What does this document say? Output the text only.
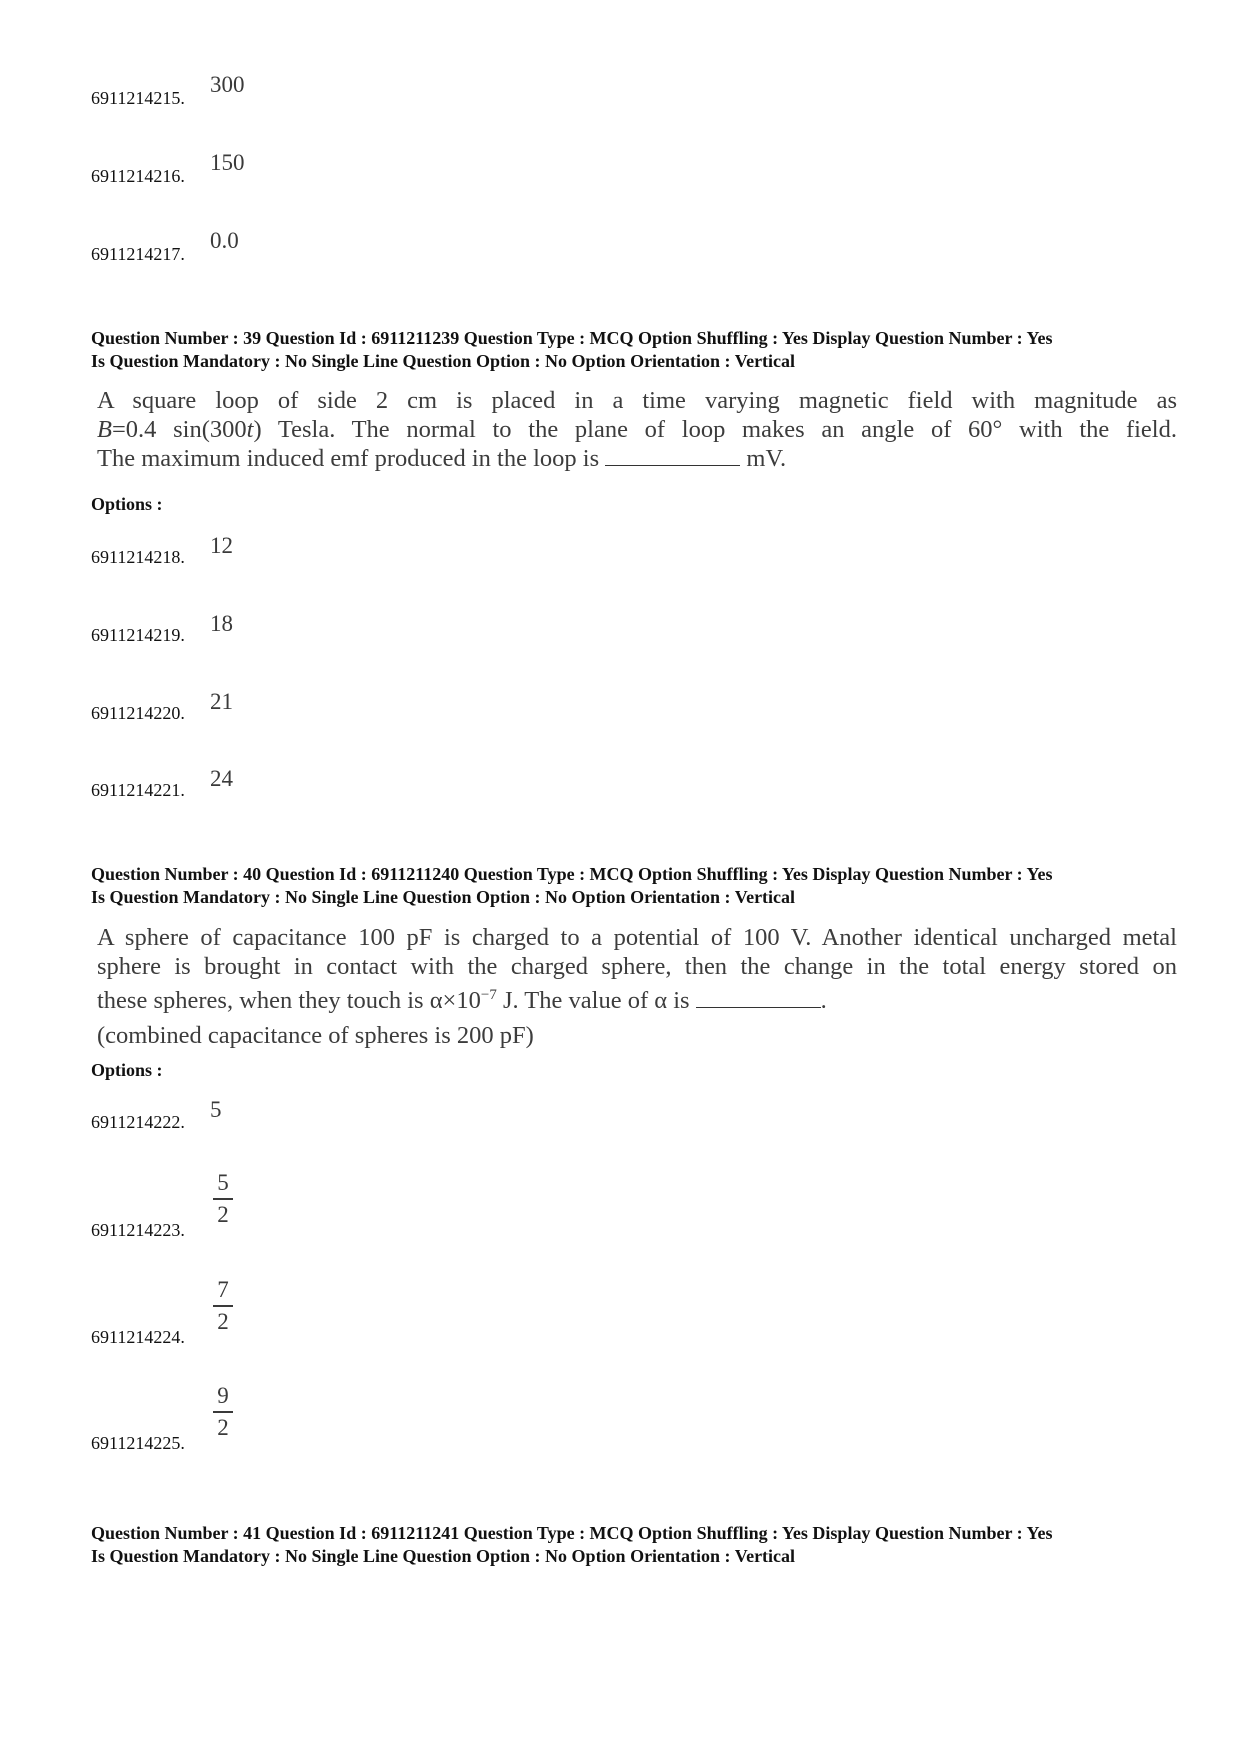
6911214215.
300
6911214216.
150
6911214217.
0.0
Question Number : 39 Question Id : 6911211239 Question Type : MCQ Option Shuffling : Yes Display Question Number : Yes
Is Question Mandatory : No Single Line Question Option : No Option Orientation : Vertical
A square loop of side 2 cm is placed in a time varying magnetic field with magnitude as
B=0.4 sin(300t) Tesla. The normal to the plane of loop makes an angle of 60° with the field.
The maximum induced emf produced in the loop is	mV.
Options :
6911214218. 12
6911214219. 18
6911214220. 21
6911214221. 24
Question Number : 40 Question Id : 6911211240 Question Type : MCQ Option Shuffling : Yes Display Question Number : Yes
Is Question Mandatory : No Single Line Question Option : No Option Orientation : Vertical
A sphere of capacitance 100 pF is charged to a potential of 100 V. Another identical uncharged metal
sphere is brought in contact with the charged sphere, then the change in the total energy stored on
these spheres, when they touch is $\alpha\times 10^{-7}$ J. The value of α is	.
(combined capacitance of spheres is 200 pF)
Options :
6911214222. 5
6911214223.
5
2
6911214224.
7
2
6911214225.
9
2
Question Number : 41 Question Id : 6911211241 Question Type : MCQ Option Shuffling : Yes Display Question Number : Yes
Is Question Mandatory : No Single Line Question Option : No Option Orientation : Vertical
